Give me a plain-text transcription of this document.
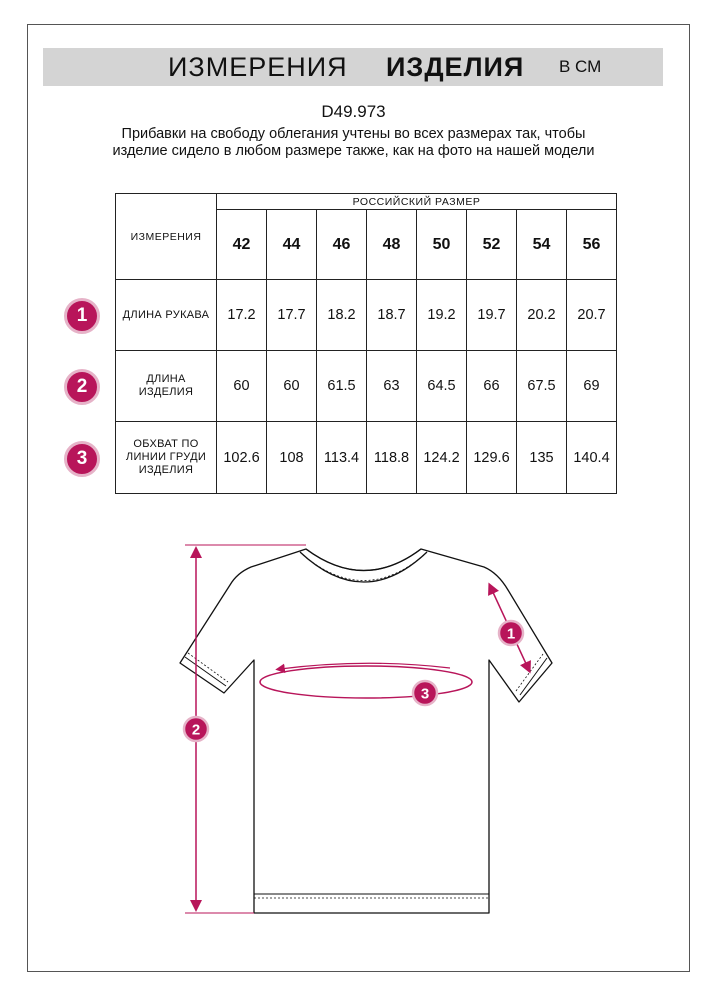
ИЗМЕРЕНИЯ ИЗДЕЛИЯ В СМ
D49.973
Прибавки на свободу облегания учтены во всех размерах так, чтобы изделие сидело в любом размере также, как на фото на нашей модели
ИЗМЕРЕНИЯ	РОССИЙСКИЙ РАЗМЕР							
	42	44	46	48	50	52	54	56
ДЛИНА РУКАВА	17.2	17.7	18.2	18.7	19.2	19.7	20.2	20.7

ДЛИНА ИЗДЕЛИЯ	60	60	61.5	63	64.5	66	67.5	69

ОБХВАТ ПО ЛИНИИ ГРУДИ ИЗДЕЛИЯ	102.6	108	113.4	118.8	124.2	129.6	135	140.4
1
2
3
2
1
3
